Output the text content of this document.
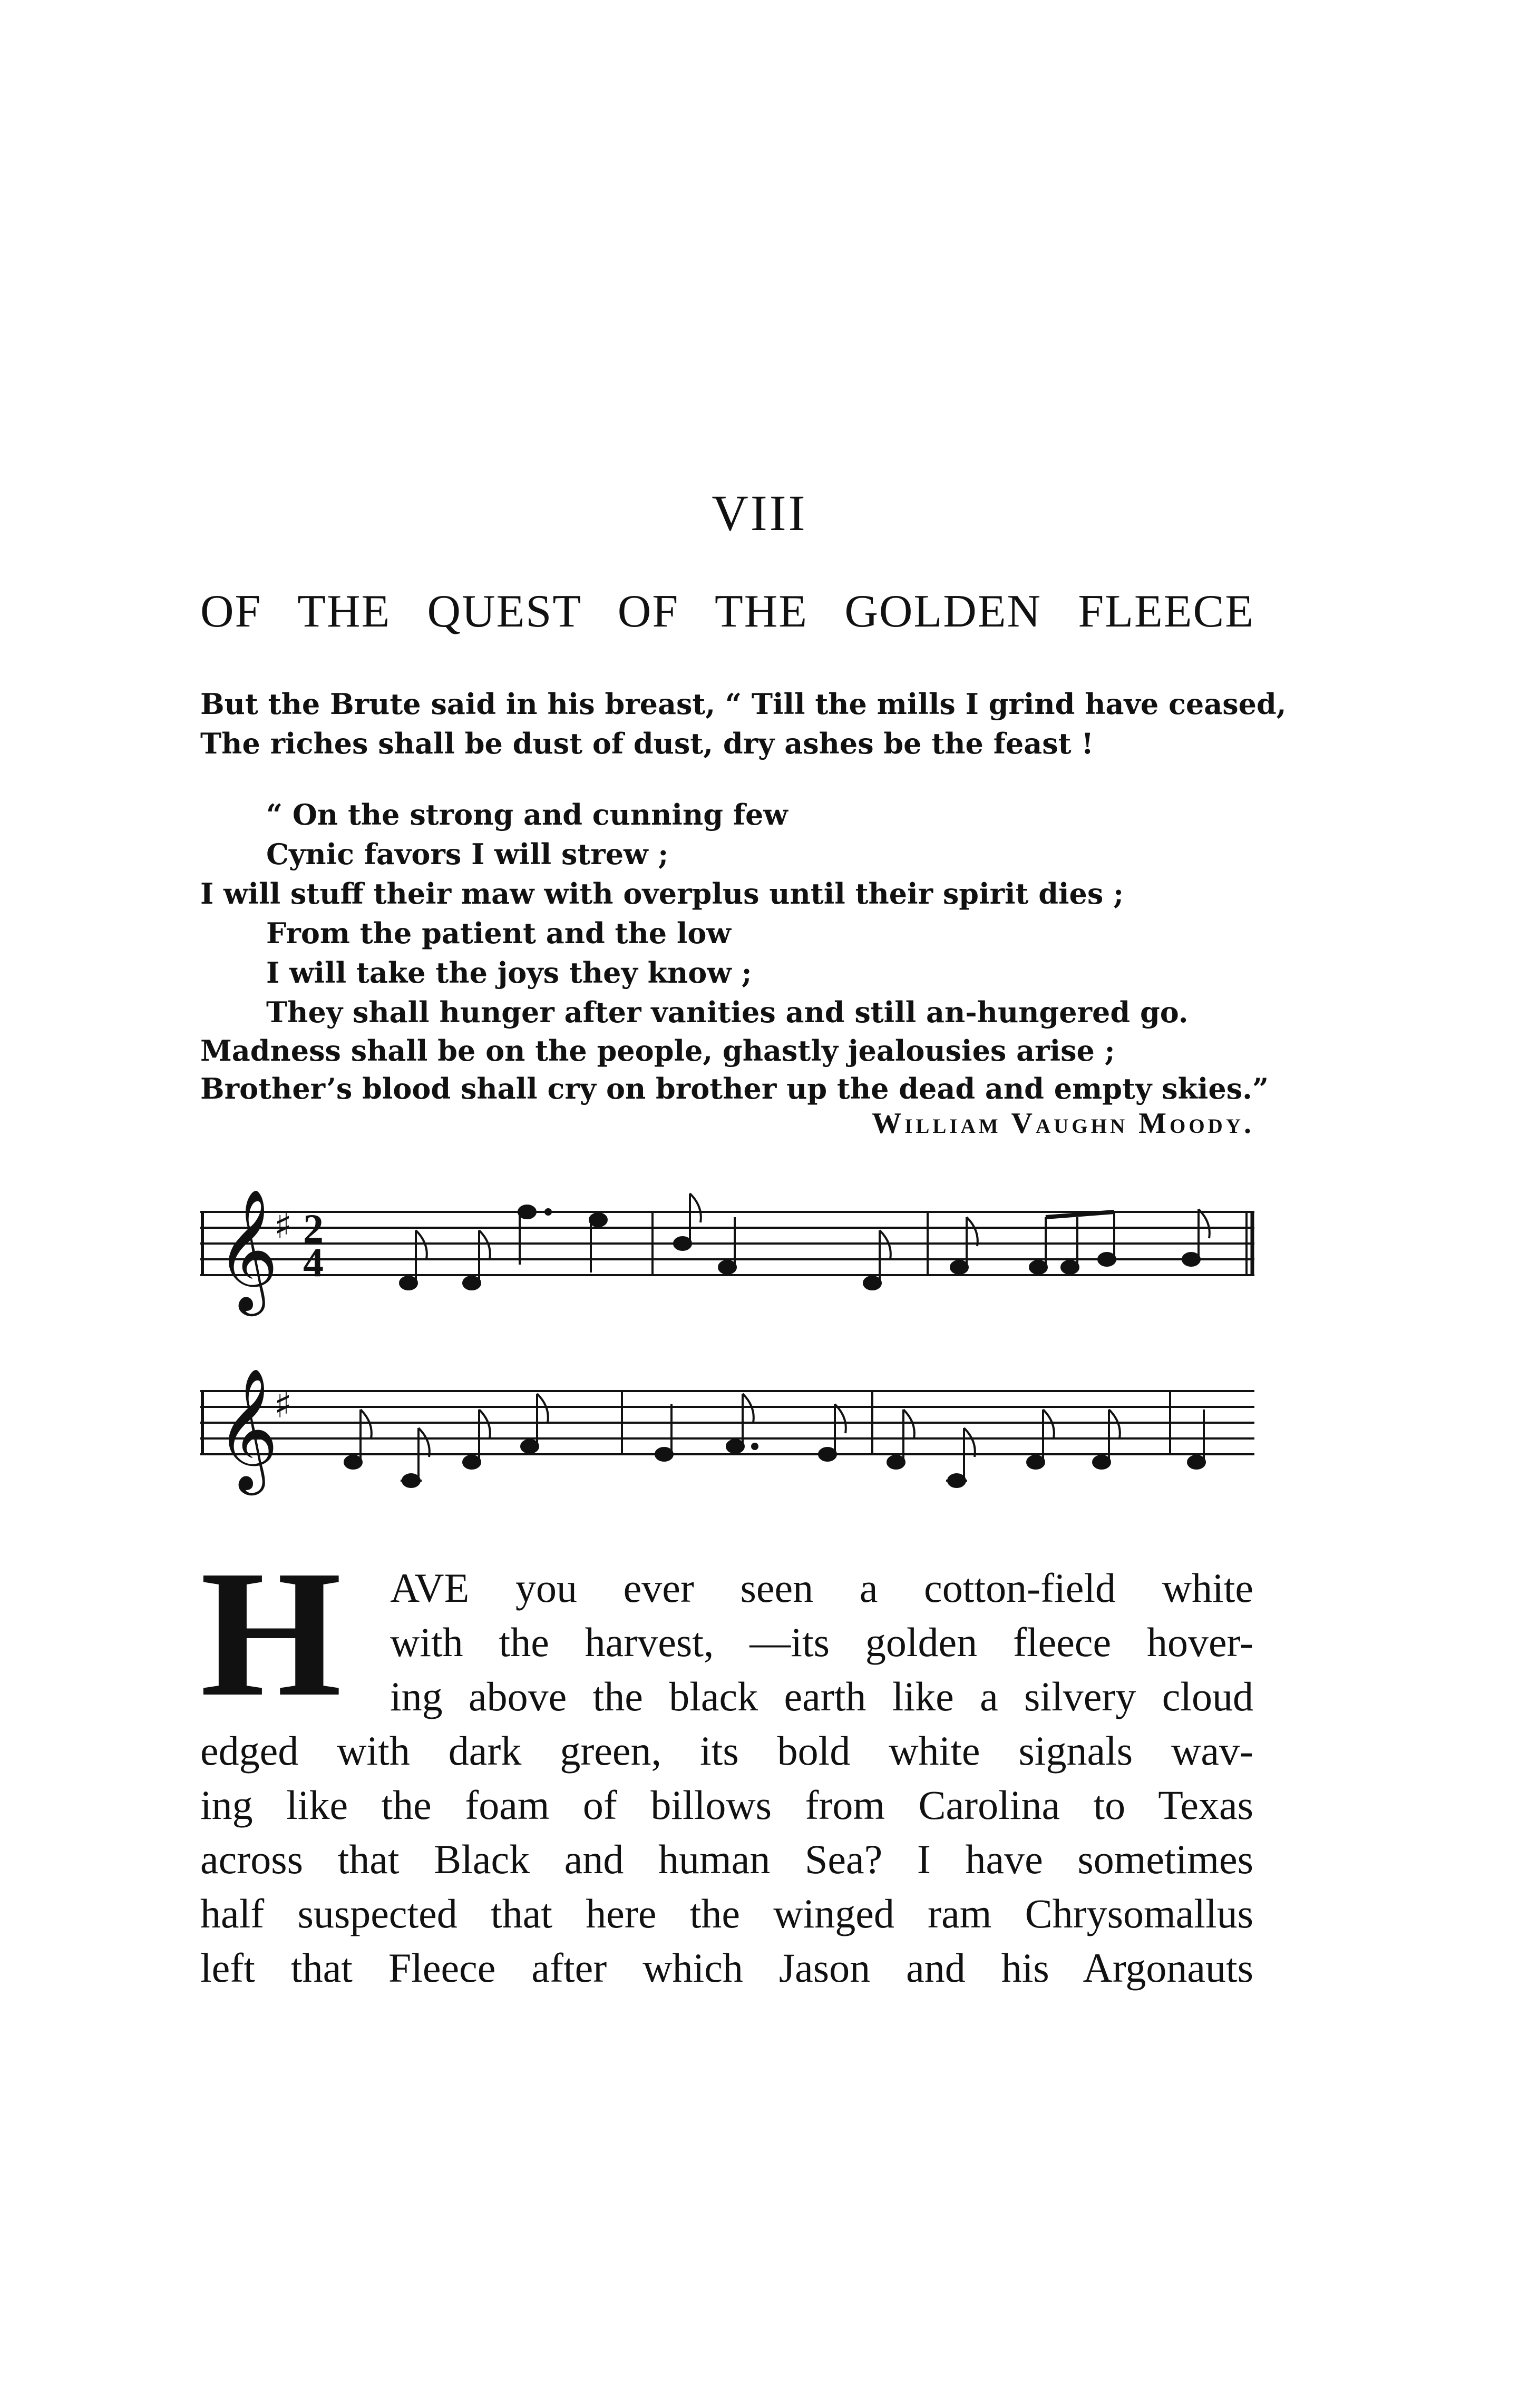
VIII
OF THE QUEST OF THE GOLDEN FLEECE
But the Brute said in his breast, “ Till the mills I grind have ceased,
The riches shall be dust of dust, dry ashes be the feast !
“ On the strong and cunning few
Cynic favors I will strew ;
I will stuff their maw with overplus until their spirit dies ;
From the patient and the low
I will take the joys they know ;
They shall hunger after vanities and still an-hungered go.
Madness shall be on the people, ghastly jealousies arise ;
Brother’s blood shall cry on brother up the dead and empty skies.”
William Vaughn Moody.
𝄞
♯ 2
4
𝄞
♯
H AVE you ever seen a cotton-field white
with the harvest, —its golden fleece hover-
ing above the black earth like a silvery cloud
edged with dark green, its bold white signals wav-
ing like the foam of billows from Carolina to Texas
across that Black and human Sea? I have sometimes
half suspected that here the winged ram Chrysomallus
left that Fleece after which Jason and his Argonauts
